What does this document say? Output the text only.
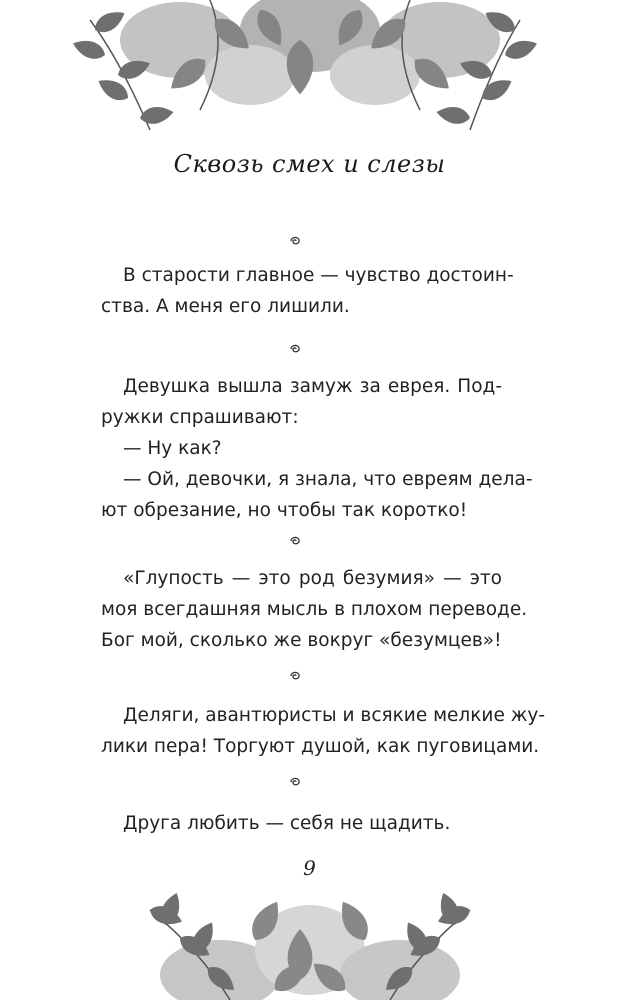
Сквозь смех и слезы
В старости главное — чувство достоин-
ства. А меня его лишили.
Девушка вышла замуж за еврея. Под-
ружки спрашивают:
— Ну как?
— Ой, девочки, я знала, что евреям дела-
ют обрезание, но чтобы так коротко!
«Глупость — это род безумия» — это
моя всегдашняя мысль в плохом переводе.
Бог мой, сколько же вокруг «безумцев»!
Деляги, авантюристы и всякие мелкие жу-
лики пера! Торгуют душой, как пуговицами.
Друга любить — себя не щадить.
9
